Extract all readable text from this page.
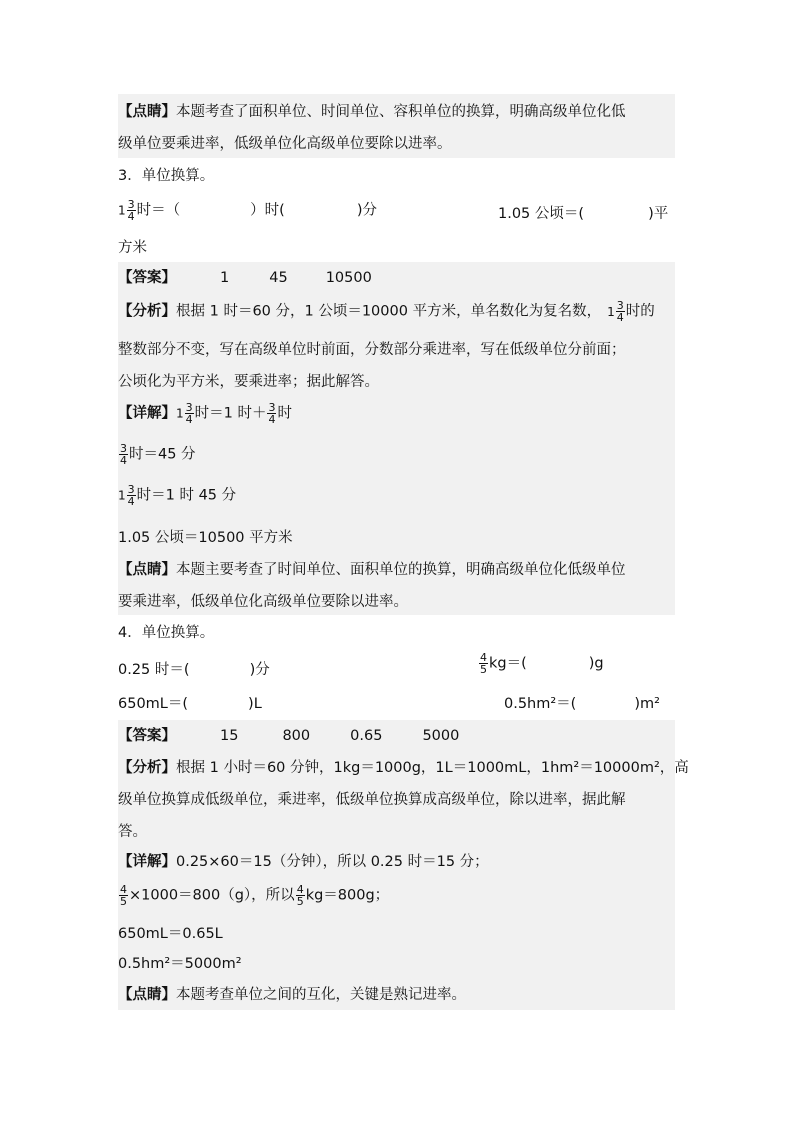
【点睛】本题考查了面积单位、时间单位、容积单位的换算，明确高级单位化低
级单位要乘进率，低级单位化高级单位要除以进率。
3．单位换算。
$1 \frac{3}{4}$ 时＝（	）时(	)分	1.05 公顷＝(	)平
方米
【答案】	1	45	10500
【分析】根据 1 时＝60 分，1 公顷＝10000 平方米，单名数化为复名数， $1 \frac{3}{4}$ 时的
整数部分不变，写在高级单位时前面，分数部分乘进率，写在低级单位分前面；
公顷化为平方米，要乘进率；据此解答。
【详解】$1 \frac{3}{4}$ 时＝1 时＋ $\frac{3}{4}$ 时
$\frac{3}{4}$ 时＝45 分
$1 \frac{3}{4}$ 时＝1 时 45 分
1.05 公顷＝10500 平方米
【点睛】本题主要考查了时间单位、面积单位的换算，明确高级单位化低级单位
要乘进率，低级单位化高级单位要除以进率。
4．单位换算。
0.25 时＝(	)分	$\frac{4}{5} kg=$(	)g
650mL＝(	)L	0.5hm²＝(	)m²
【答案】	15	800	0.65	5000
【分析】根据 1 小时＝60 分钟，1kg＝1000g，1L＝1000mL，1hm²＝10000m²，高
级单位换算成低级单位，乘进率，低级单位换算成高级单位，除以进率，据此解
答。
【详解】0.25×60＝15（分钟），所以 0.25 时＝15 分；
$\frac{4}{5} \times 1000=800(g)$，所以 $\frac{4}{5} kg=800g$；
650mL＝0.65L
0.5hm²＝5000m²
【点睛】本题考查单位之间的互化，关键是熟记进率。
